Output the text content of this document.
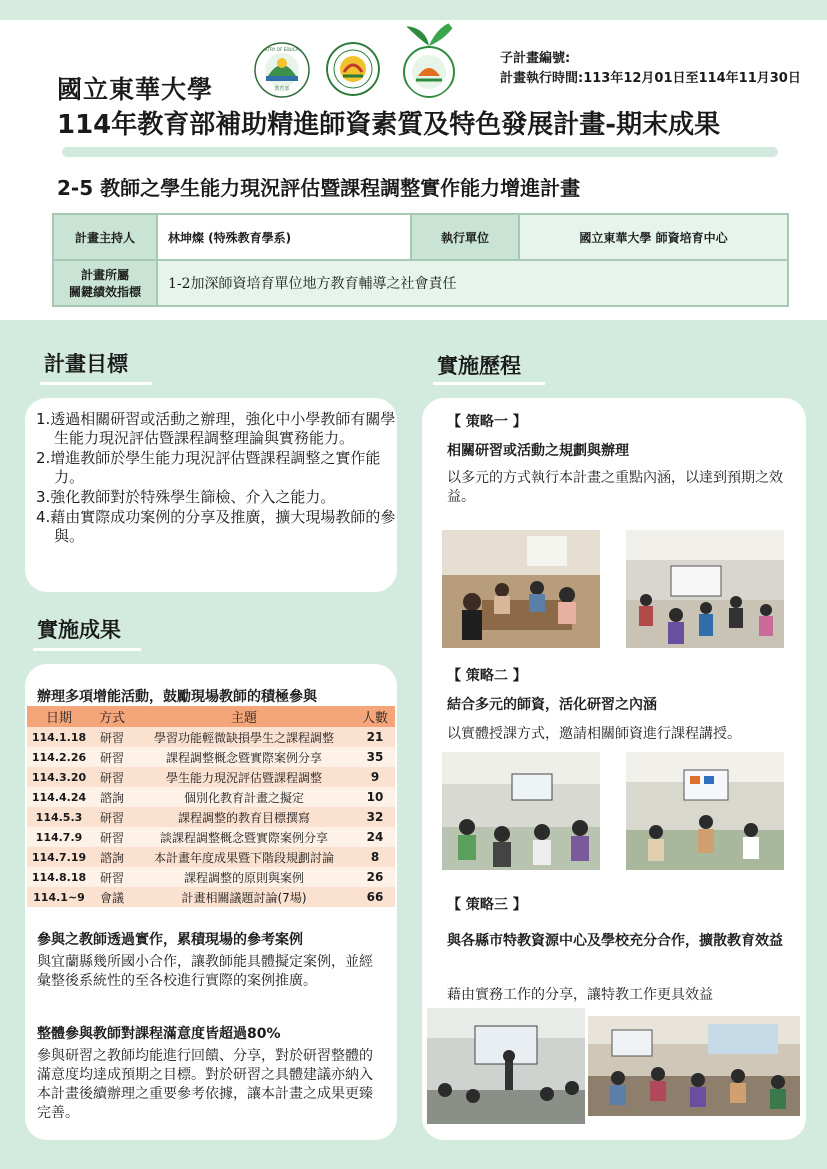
教育部
MINISTRY OF EDUCATION
國立東華大學
114年教育部補助精進師資素質及特色發展計畫-期末成果
子計畫編號:
計畫執行時間:113年12月01日至114年11月30日
2-5 教師之學生能力現況評估暨課程調整實作能力增進計畫
計畫主持人	林坤燦 (特殊教育學系)	執行單位	國立東華大學 師資培育中心
計畫所屬
關鍵績效指標	1-2加深師資培育單位地方教育輔導之社會責任		
計畫目標
1.透過相關研習或活動之辦理，強化中小學教師有關學生能力現況評估暨課程調整理論與實務能力。
2.增進教師於學生能力現況評估暨課程調整之實作能力。
3.強化教師對於特殊學生篩檢、介入之能力。
4.藉由實際成功案例的分享及推廣，擴大現場教師的參與。
實施成果
辦理多項增能活動，鼓勵現場教師的積極參與
日期	方式	主題	人數
114.1.18	研習	學習功能輕微缺損學生之課程調整	21
114.2.26	研習	課程調整概念暨實際案例分享	35
114.3.20	研習	學生能力現況評估暨課程調整	9
114.4.24	諮詢	個別化教育計畫之擬定	10
114.5.3	研習	課程調整的教育目標撰寫	32
114.7.9	研習	談課程調整概念暨實際案例分享	24
114.7.19	諮詢	本計畫年度成果暨下階段規劃討論	8
114.8.18	研習	課程調整的原則與案例	26
114.1~9	會議	計畫相關議題討論(7場)	66
參與之教師透過實作，累積現場的參考案例
與宜蘭縣幾所國小合作，讓教師能具體擬定案例，並經彙整後系統性的至各校進行實際的案例推廣。
整體參與教師對課程滿意度皆超過80%
參與研習之教師均能進行回饋、分享，對於研習整體的滿意度均達成預期之目標。對於研習之具體建議亦納入本計畫後續辦理之重要參考依據，讓本計畫之成果更臻完善。
實施歷程
【 策略一 】
相關研習或活動之規劃與辦理
以多元的方式執行本計畫之重點內涵，以達到預期之效益。
【 策略二 】
結合多元的師資，活化研習之內涵
以實體授課方式，邀請相關師資進行課程講授。
【 策略三 】
與各縣市特教資源中心及學校充分合作，擴散教育效益
藉由實務工作的分享，讓特教工作更具效益
